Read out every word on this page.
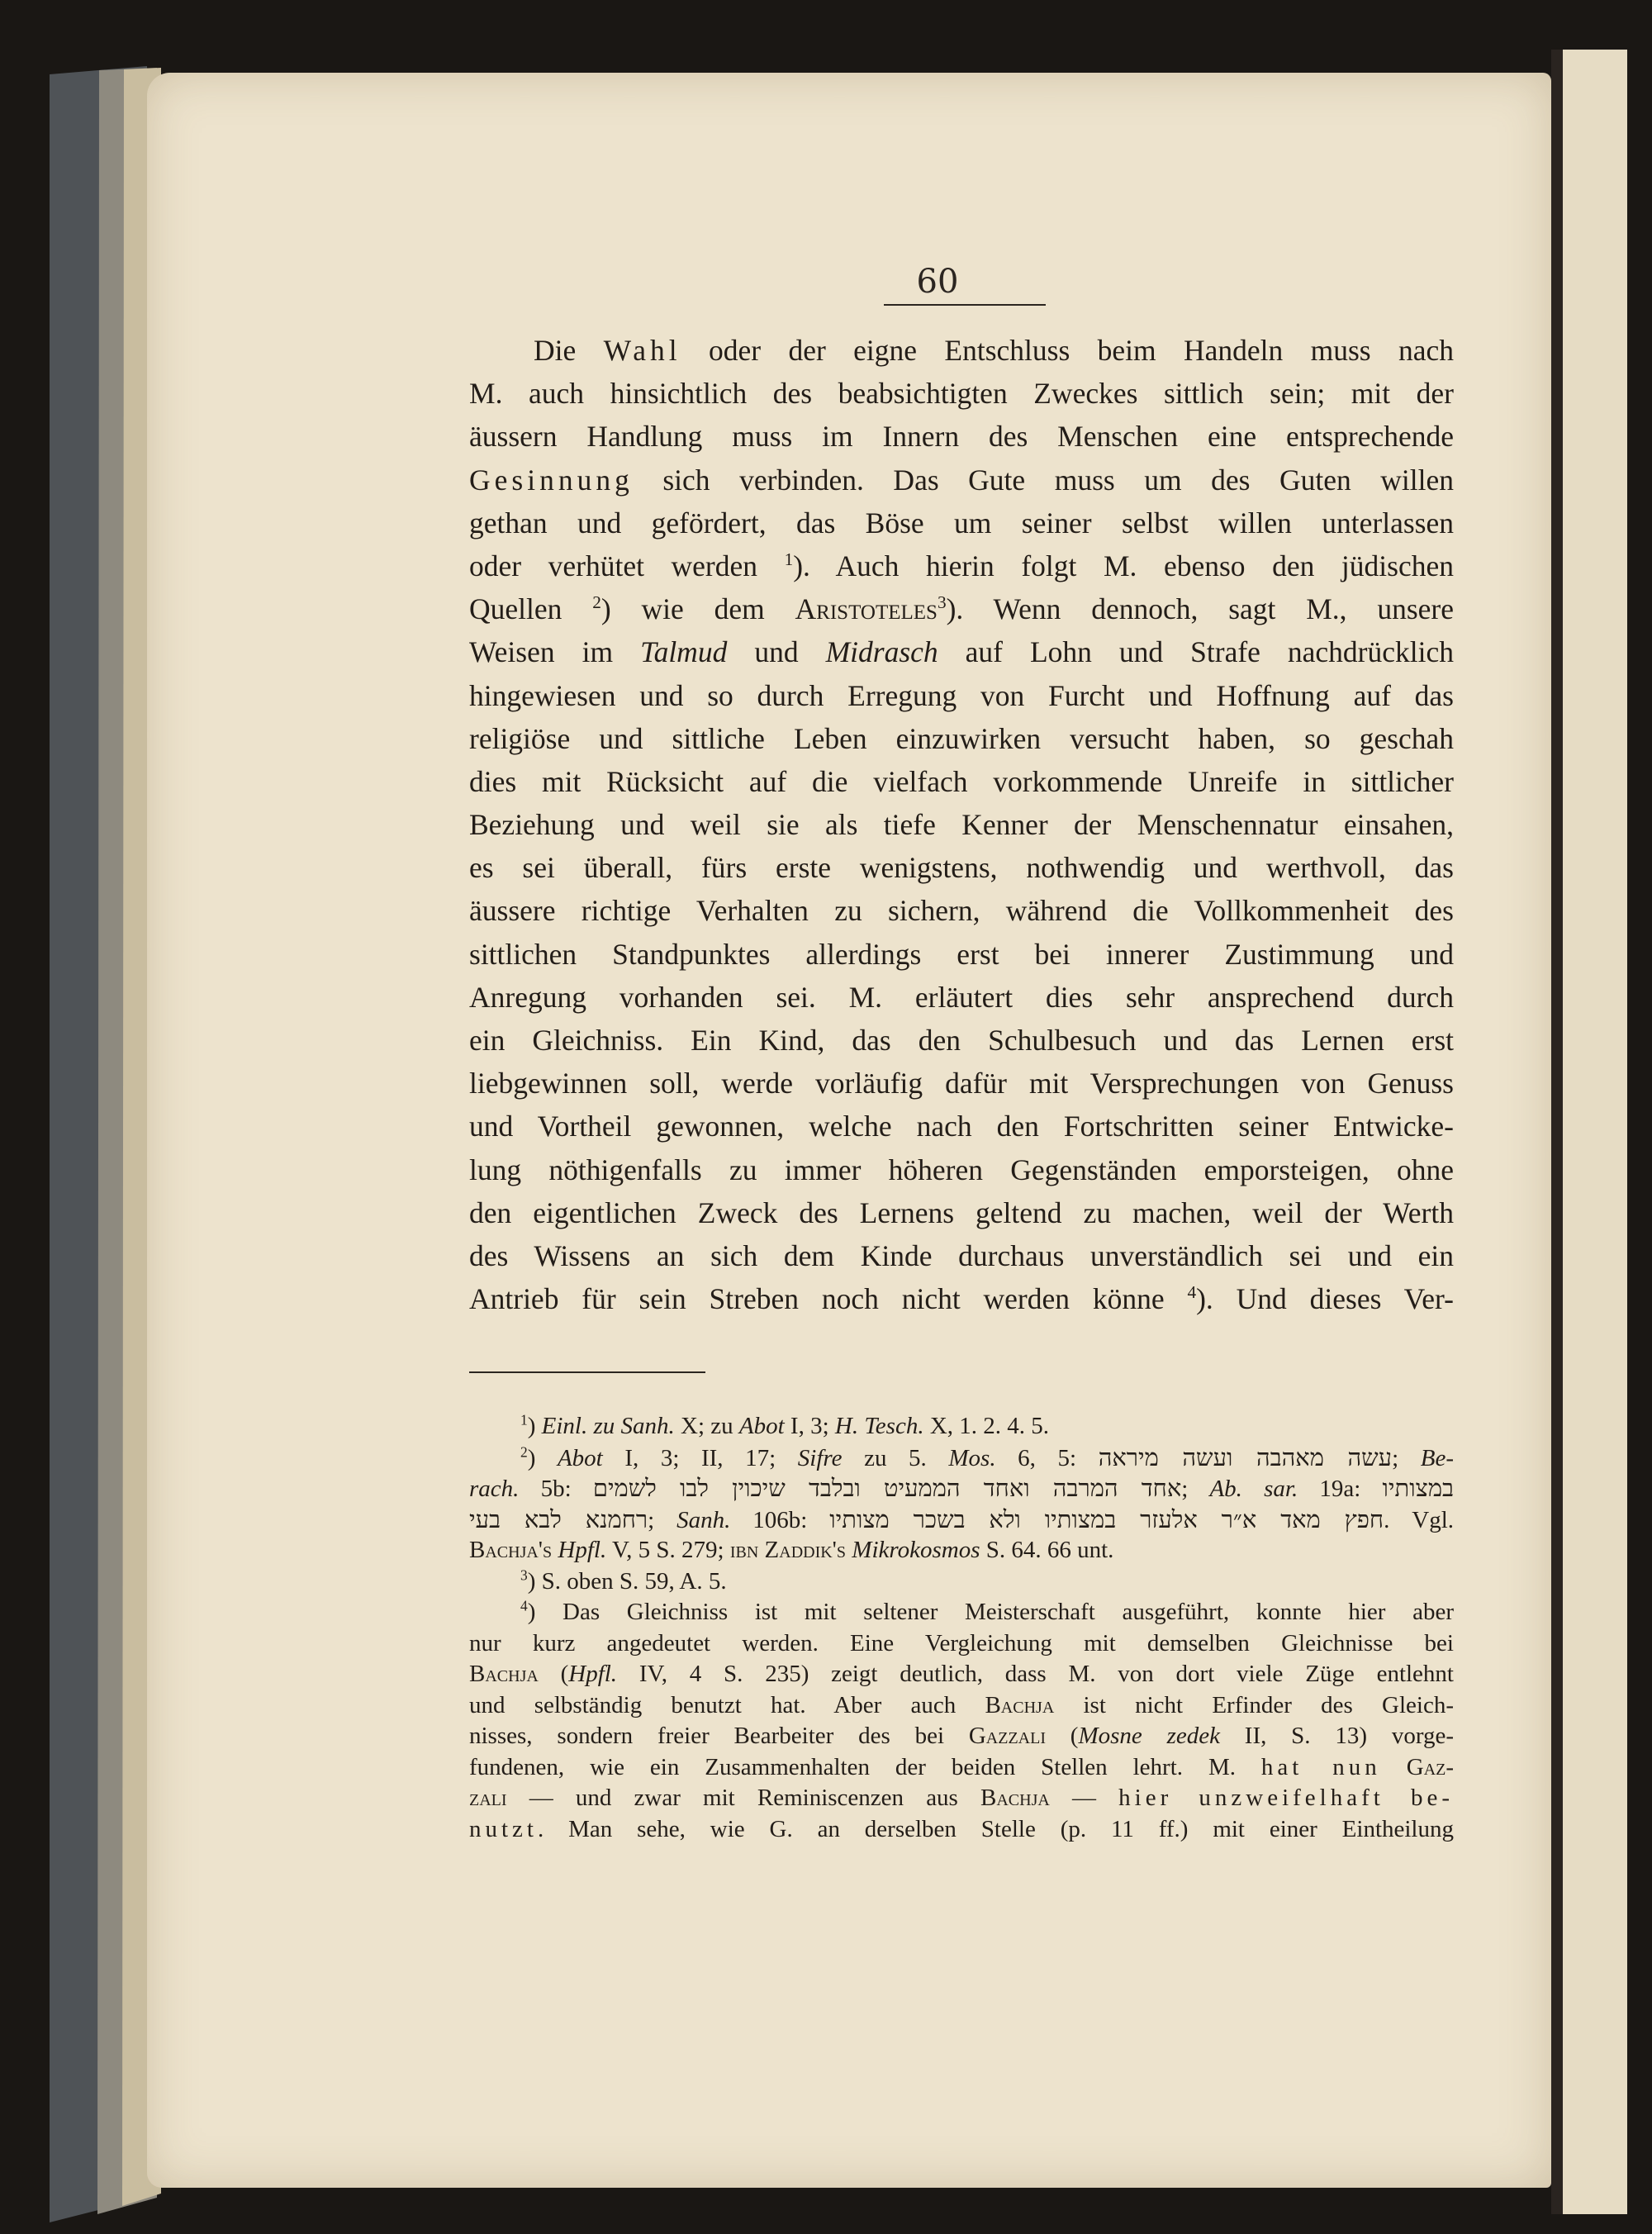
60
Die Wahl oder der eigne Entschluss beim Handeln muss nach
M. auch hinsichtlich des beabsichtigten Zweckes sittlich sein; mit der
äussern Handlung muss im Innern des Menschen eine entsprechende
Gesinnung sich verbinden. Das Gute muss um des Guten willen
gethan und gefördert, das Böse um seiner selbst willen unterlassen
oder verhütet werden $^1$). Auch hierin folgt M. ebenso den jüdischen
Quellen $^2$) wie dem Aristoteles$^3$). Wenn dennoch, sagt M., unsere
Weisen im Talmud und Midrasch auf Lohn und Strafe nachdrücklich
hingewiesen und so durch Erregung von Furcht und Hoffnung auf das
religiöse und sittliche Leben einzuwirken versucht haben, so geschah
dies mit Rücksicht auf die vielfach vorkommende Unreife in sittlicher
Beziehung und weil sie als tiefe Kenner der Menschennatur einsahen,
es sei überall, fürs erste wenigstens, nothwendig und werthvoll, das
äussere richtige Verhalten zu sichern, während die Vollkommenheit des
sittlichen Standpunktes allerdings erst bei innerer Zustimmung und
Anregung vorhanden sei. M. erläutert dies sehr ansprechend durch
ein Gleichniss. Ein Kind, das den Schulbesuch und das Lernen erst
liebgewinnen soll, werde vorläufig dafür mit Versprechungen von Genuss
und Vortheil gewonnen, welche nach den Fortschritten seiner Entwicke-
lung nöthigenfalls zu immer höheren Gegenständen emporsteigen, ohne
den eigentlichen Zweck des Lernens geltend zu machen, weil der Werth
des Wissens an sich dem Kinde durchaus unverständlich sei und ein
Antrieb für sein Streben noch nicht werden könne $^4$). Und dieses Ver-
$^1$) Einl. zu Sanh. X; zu Abot I, 3; H. Tesch. X, 1. 2. 4. 5.
$^2$) Abot I, 3; II, 17; Sifre zu 5. Mos. 6, 5: עשה מאהבה ועשה מיראה; Be-
rach. 5b: אחד המרבה ואחד הממעיט ובלבד שיכוין לבו לשמים; Ab. sar. 19a: במצותיו
רחמנא לבא בעי; Sanh. 106b: חפץ מאד א״ר אלעזר במצותיו ולא בשכר מצותיו. Vgl.
Bachja's Hpfl. V, 5 S. 279; ibn Zaddik's Mikrokosmos S. 64. 66 unt.
$^3$) S. oben S. 59, A. 5.
$^4$) Das Gleichniss ist mit seltener Meisterschaft ausgeführt, konnte hier aber
nur kurz angedeutet werden. Eine Vergleichung mit demselben Gleichnisse bei
Bachja (Hpfl. IV, 4 S. 235) zeigt deutlich, dass M. von dort viele Züge entlehnt
und selbständig benutzt hat. Aber auch Bachja ist nicht Erfinder des Gleich-
nisses, sondern freier Bearbeiter des bei Gazzali (Mosne zedek II, S. 13) vorge-
fundenen, wie ein Zusammenhalten der beiden Stellen lehrt. M. hat nun Gaz-
zali — und zwar mit Reminiscenzen aus Bachja — hier unzweifelhaft be-
nutzt. Man sehe, wie G. an derselben Stelle (p. 11 ff.) mit einer Eintheilung
